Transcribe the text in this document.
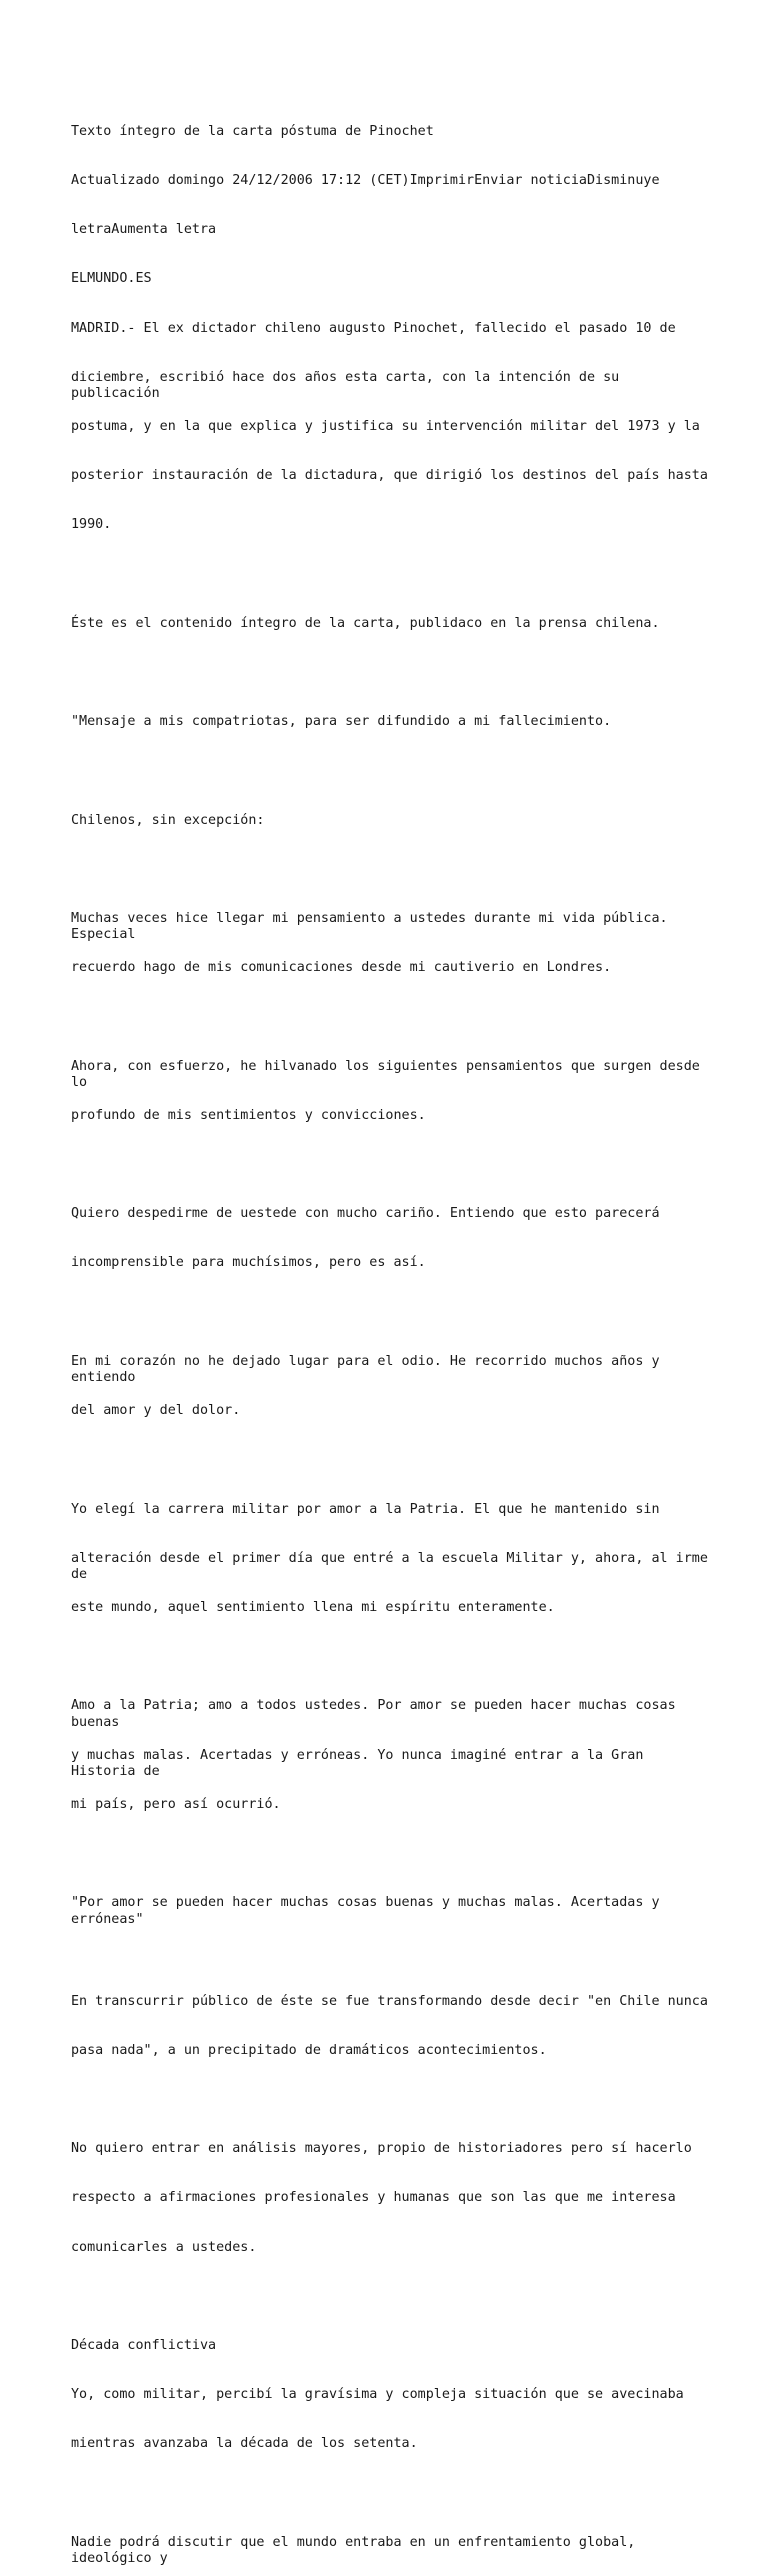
Texto íntegro de la carta póstuma de Pinochet

Actualizado domingo 24/12/2006 17:12 (CET)ImprimirEnviar noticiaDisminuye

letraAumenta letra

ELMUNDO.ES

MADRID.- El ex dictador chileno augusto Pinochet, fallecido el pasado 10 de

diciembre, escribió hace dos años esta carta, con la intención de su publicación

postuma, y en la que explica y justifica su intervención militar del 1973 y la

posterior instauración de la dictadura, que dirigió los destinos del país hasta

1990.

Éste es el contenido íntegro de la carta, publidaco en la prensa chilena.

"Mensaje a mis compatriotas, para ser difundido a mi fallecimiento.

Chilenos, sin excepción:

Muchas veces hice llegar mi pensamiento a ustedes durante mi vida pública. Especial

recuerdo hago de mis comunicaciones desde mi cautiverio en Londres.

Ahora, con esfuerzo, he hilvanado los siguientes pensamientos que surgen desde lo

profundo de mis sentimientos y convicciones.

Quiero despedirme de uestede con mucho cariño. Entiendo que esto parecerá

incomprensible para muchísimos, pero es así.

En mi corazón no he dejado lugar para el odio. He recorrido muchos años y entiendo

del amor y del dolor.

Yo elegí la carrera militar por amor a la Patria. El que he mantenido sin

alteración desde el primer día que entré a la escuela Militar y, ahora, al irme de

este mundo, aquel sentimiento llena mi espíritu enteramente.

Amo a la Patria; amo a todos ustedes. Por amor se pueden hacer muchas cosas buenas

y muchas malas. Acertadas y erróneas. Yo nunca imaginé entrar a la Gran Historia de

mi país, pero así ocurrió.

"Por amor se pueden hacer muchas cosas buenas y muchas malas. Acertadas y erróneas"

En transcurrir público de éste se fue transformando desde decir "en Chile nunca

pasa nada", a un precipitado de dramáticos acontecimientos.

No quiero entrar en análisis mayores, propio de historiadores pero sí hacerlo

respecto a afirmaciones profesionales y humanas que son las que me interesa

comunicarles a ustedes.

Década conflictiva

Yo, como militar, percibí la gravísima y compleja situación que se avecinaba

mientras avanzaba la década de los setenta.

Nadie podrá discutir que el mundo entraba en un enfrentamiento global, ideológico y
